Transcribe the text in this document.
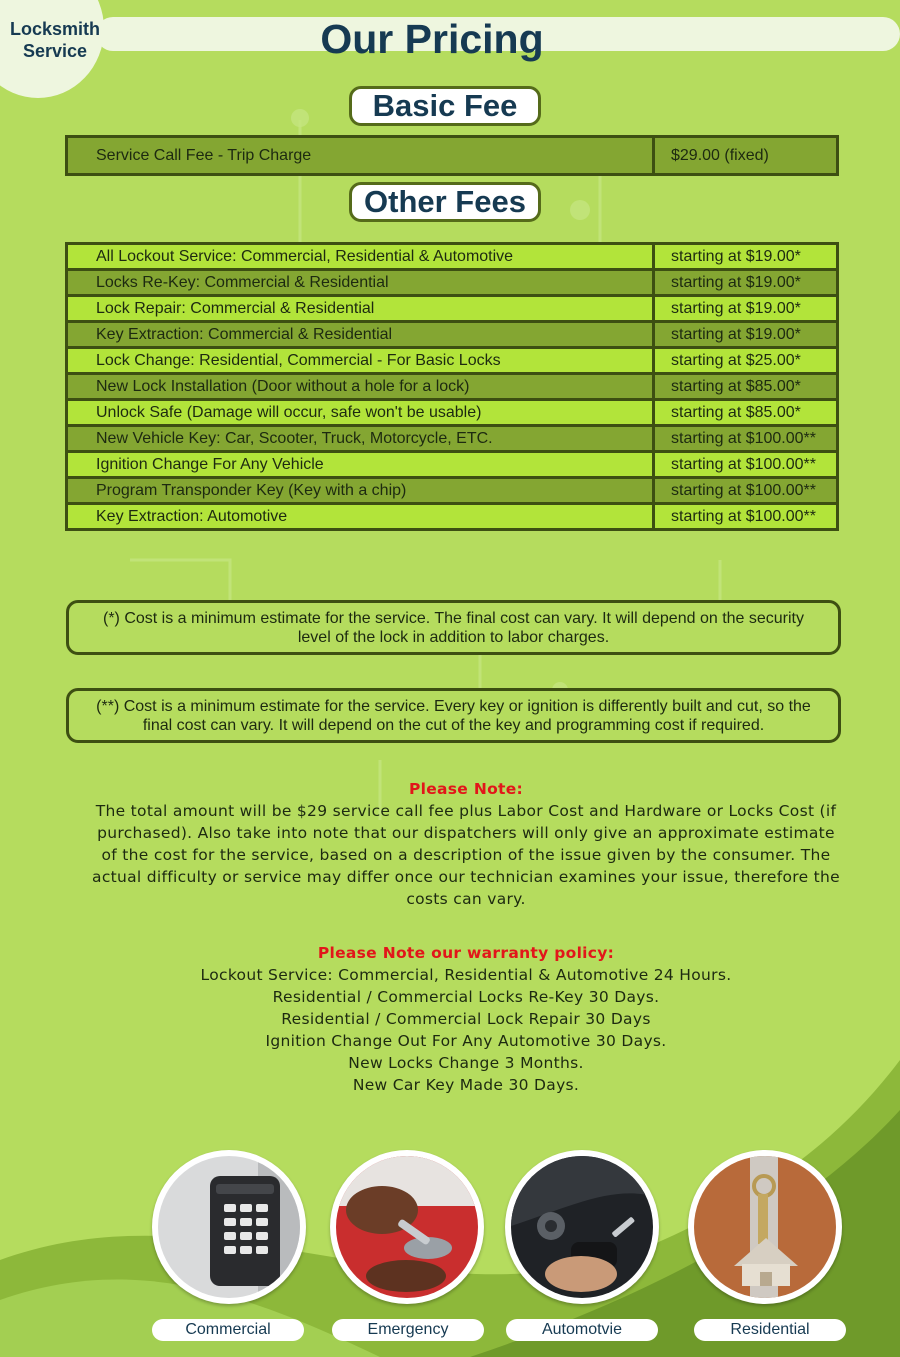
Locksmith
Service	Our Pricing
Basic Fee
Service Call Fee - Trip Charge	$29.00 (fixed)
Other Fees
All Lockout Service: Commercial, Residential & Automotive	starting at $19.00*
Locks Re-Key: Commercial & Residential	starting at $19.00*
Lock Repair: Commercial & Residential	starting at $19.00*
Key Extraction: Commercial & Residential	starting at $19.00*
Lock Change: Residential, Commercial - For Basic Locks	starting at $25.00*
New Lock Installation (Door without a hole for a lock)	starting at $85.00*
Unlock Safe (Damage will occur, safe won't be usable)	starting at $85.00*
New Vehicle Key: Car, Scooter, Truck, Motorcycle, ETC.	starting at $100.00**
Ignition Change For Any Vehicle	starting at $100.00**
Program Transponder Key (Key with a chip)	starting at $100.00**
Key Extraction: Automotive	starting at $100.00**
(*) Cost is a minimum estimate for the service. The final cost can vary. It will depend on the security level of the lock in addition to labor charges.
(**) Cost is a minimum estimate for the service. Every key or ignition is differently built and cut, so the final cost can vary. It will depend on the cut of the key and programming cost if required.
Please Note:
The total amount will be $29 service call fee plus Labor Cost and Hardware or Locks Cost (if purchased). Also take into note that our dispatchers will only give an approximate estimate of the cost for the service, based on a description of the issue given by the consumer. The actual difficulty or service may differ once our technician examines your issue, therefore the costs can vary.
Please Note our warranty policy:
Lockout Service: Commercial, Residential & Automotive 24 Hours.
Residential / Commercial Locks Re-Key 30 Days.
Residential / Commercial Lock Repair 30 Days
Ignition Change Out For Any Automotive 30 Days.
New Locks Change 3 Months.
New Car Key Made 30 Days.
Commercial	Emergency	Automotvie	Residential
